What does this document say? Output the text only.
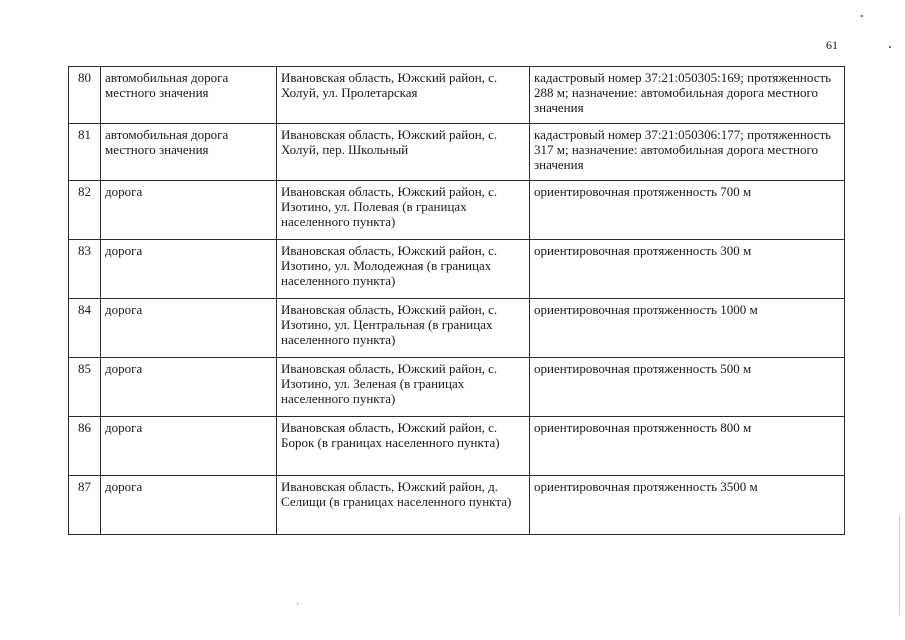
61
80	автомобильная дорога местного значения	Ивановская область, Южский район, с. Холуй, ул. Пролетарская	кадастровый номер 37:21:050305:169; протяженность 288 м; назначение: автомобильная дорога местного значения
81	автомобильная дорога местного значения	Ивановская область, Южский район, с. Холуй, пер. Школьный	кадастровый номер 37:21:050306:177; протяженность 317 м; назначение: автомобильная дорога местного значения
82	дорога	Ивановская область, Южский район, с. Изотино, ул. Полевая (в границах населенного пункта)	ориентировочная протяженность 700 м
83	дорога	Ивановская область, Южский район, с. Изотино, ул. Молодежная (в границах населенного пункта)	ориентировочная протяженность 300 м
84	дорога	Ивановская область, Южский район, с. Изотино, ул. Центральная (в границах населенного пункта)	ориентировочная протяженность 1000 м
85	дорога	Ивановская область, Южский район, с. Изотино, ул. Зеленая (в границах населенного пункта)	ориентировочная протяженность 500 м
86	дорога	Ивановская область, Южский район, с. Борок (в границах населенного пункта)	ориентировочная протяженность 800 м
87	дорога	Ивановская область, Южский район, д. Селищи (в границах населенного пункта)	ориентировочная протяженность 3500 м
